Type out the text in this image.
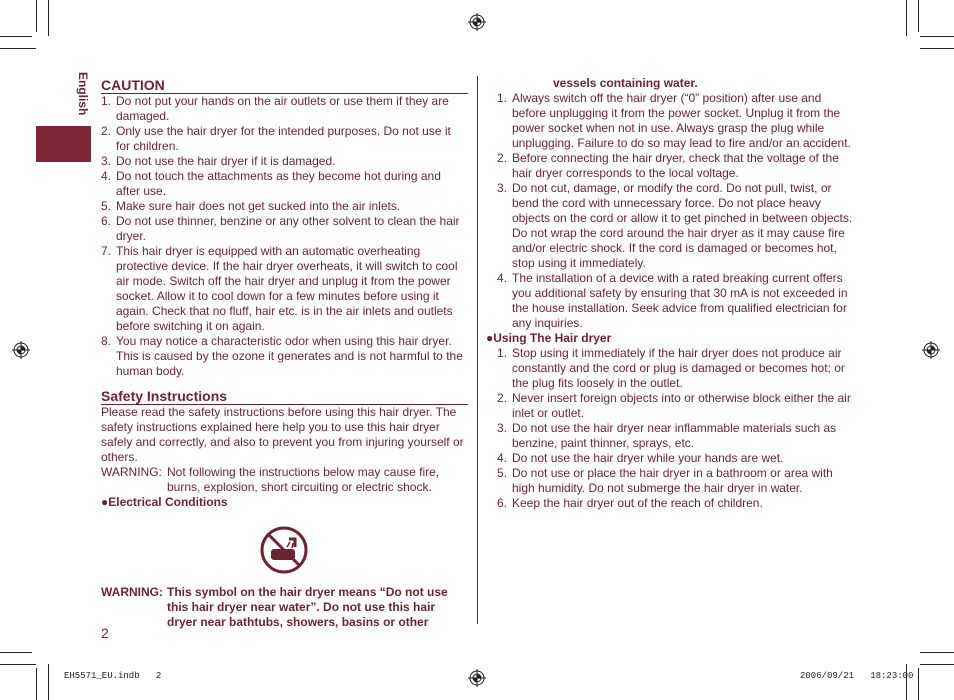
English CAUTION
1. Do not put your hands on the air outlets or use them if they are damaged.
2. Only use the hair dryer for the intended purposes. Do not use it for children.
3. Do not use the hair dryer if it is damaged.
4. Do not touch the attachments as they become hot during and after use.
5. Make sure hair does not get sucked into the air inlets.
6. Do not use thinner, benzine or any other solvent to clean the hair dryer.
7. This hair dryer is equipped with an automatic overheating protective device. If the hair dryer overheats, it will switch to cool air mode. Switch off the hair dryer and unplug it from the power socket. Allow it to cool down for a few minutes before using it again. Check that no fluff, hair etc. is in the air inlets and outlets before switching it on again.
8. You may notice a characteristic odor when using this hair dryer. This is caused by the ozone it generates and is not harmful to the human body.
Safety Instructions
Please read the safety instructions before using this hair dryer. The safety instructions explained here help you to use this hair dryer safely and correctly, and also to prevent you from injuring yourself or others.
WARNING: Not following the instructions below may cause fire, burns, explosion, short circuiting or electric shock.
●Electrical Conditions
WARNING: This symbol on the hair dryer means “Do not use this hair dryer near water”. Do not use this hair dryer near bathtubs, showers, basins or other
2
vessels containing water.
1. Always switch off the hair dryer (“0” position) after use and before unplugging it from the power socket. Unplug it from the power socket when not in use. Always grasp the plug while unplugging. Failure to do so may lead to fire and/or an accident.
2. Before connecting the hair dryer, check that the voltage of the hair dryer corresponds to the local voltage.
3. Do not cut, damage, or modify the cord. Do not pull, twist, or bend the cord with unnecessary force. Do not place heavy objects on the cord or allow it to get pinched in between objects. Do not wrap the cord around the hair dryer as it may cause fire and/or electric shock. If the cord is damaged or becomes hot, stop using it immediately.
4. The installation of a device with a rated breaking current offers you additional safety by ensuring that 30 mA is not exceeded in the house installation. Seek advice from qualified electrician for any inquiries.
●Using The Hair dryer
1. Stop using it immediately if the hair dryer does not produce air constantly and the cord or plug is damaged or becomes hot; or the plug fits loosely in the outlet.
2. Never insert foreign objects into or otherwise block either the air inlet or outlet.
3. Do not use the hair dryer near inflammable materials such as benzine, paint thinner, sprays, etc.
4. Do not use the hair dryer while your hands are wet.
5. Do not use or place the hair dryer in a bathroom or area with high humidity. Do not submerge the hair dryer in water.
6. Keep the hair dryer out of the reach of children.
EH5571_EU.indb   2	2006/09/21   18:23:00
